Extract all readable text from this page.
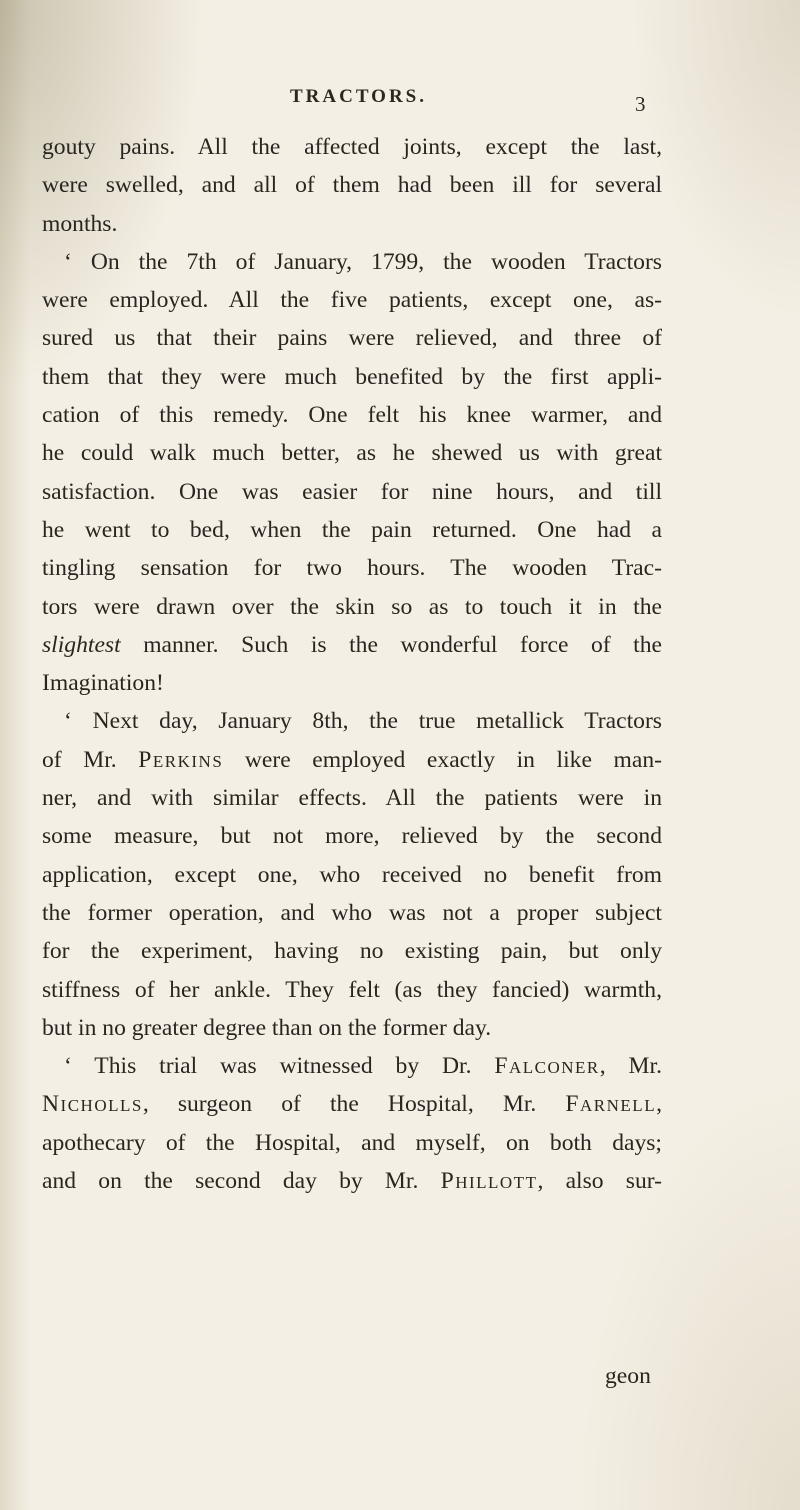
TRACTORS.	3
gouty pains. All the affected joints, except the last,
were swelled, and all of them had been ill for several
months.
‘ On the 7th of January, 1799, the wooden Tractors
were employed. All the five patients, except one, as-
sured us that their pains were relieved, and three of
them that they were much benefited by the first appli-
cation of this remedy. One felt his knee warmer, and
he could walk much better, as he shewed us with great
satisfaction. One was easier for nine hours, and till
he went to bed, when the pain returned. One had a
tingling sensation for two hours. The wooden Trac-
tors were drawn over the skin so as to touch it in the
slightest manner. Such is the wonderful force of the
Imagination!
‘ Next day, January 8th, the true metallick Tractors
of Mr. Perkins were employed exactly in like man-
ner, and with similar effects. All the patients were in
some measure, but not more, relieved by the second
application, except one, who received no benefit from
the former operation, and who was not a proper subject
for the experiment, having no existing pain, but only
stiffness of her ankle. They felt (as they fancied) warmth,
but in no greater degree than on the former day.
‘ This trial was witnessed by Dr. Falconer, Mr.
Nicholls, surgeon of the Hospital, Mr. Farnell,
apothecary of the Hospital, and myself, on both days;
and on the second day by Mr. Phillott, also sur-
geon
